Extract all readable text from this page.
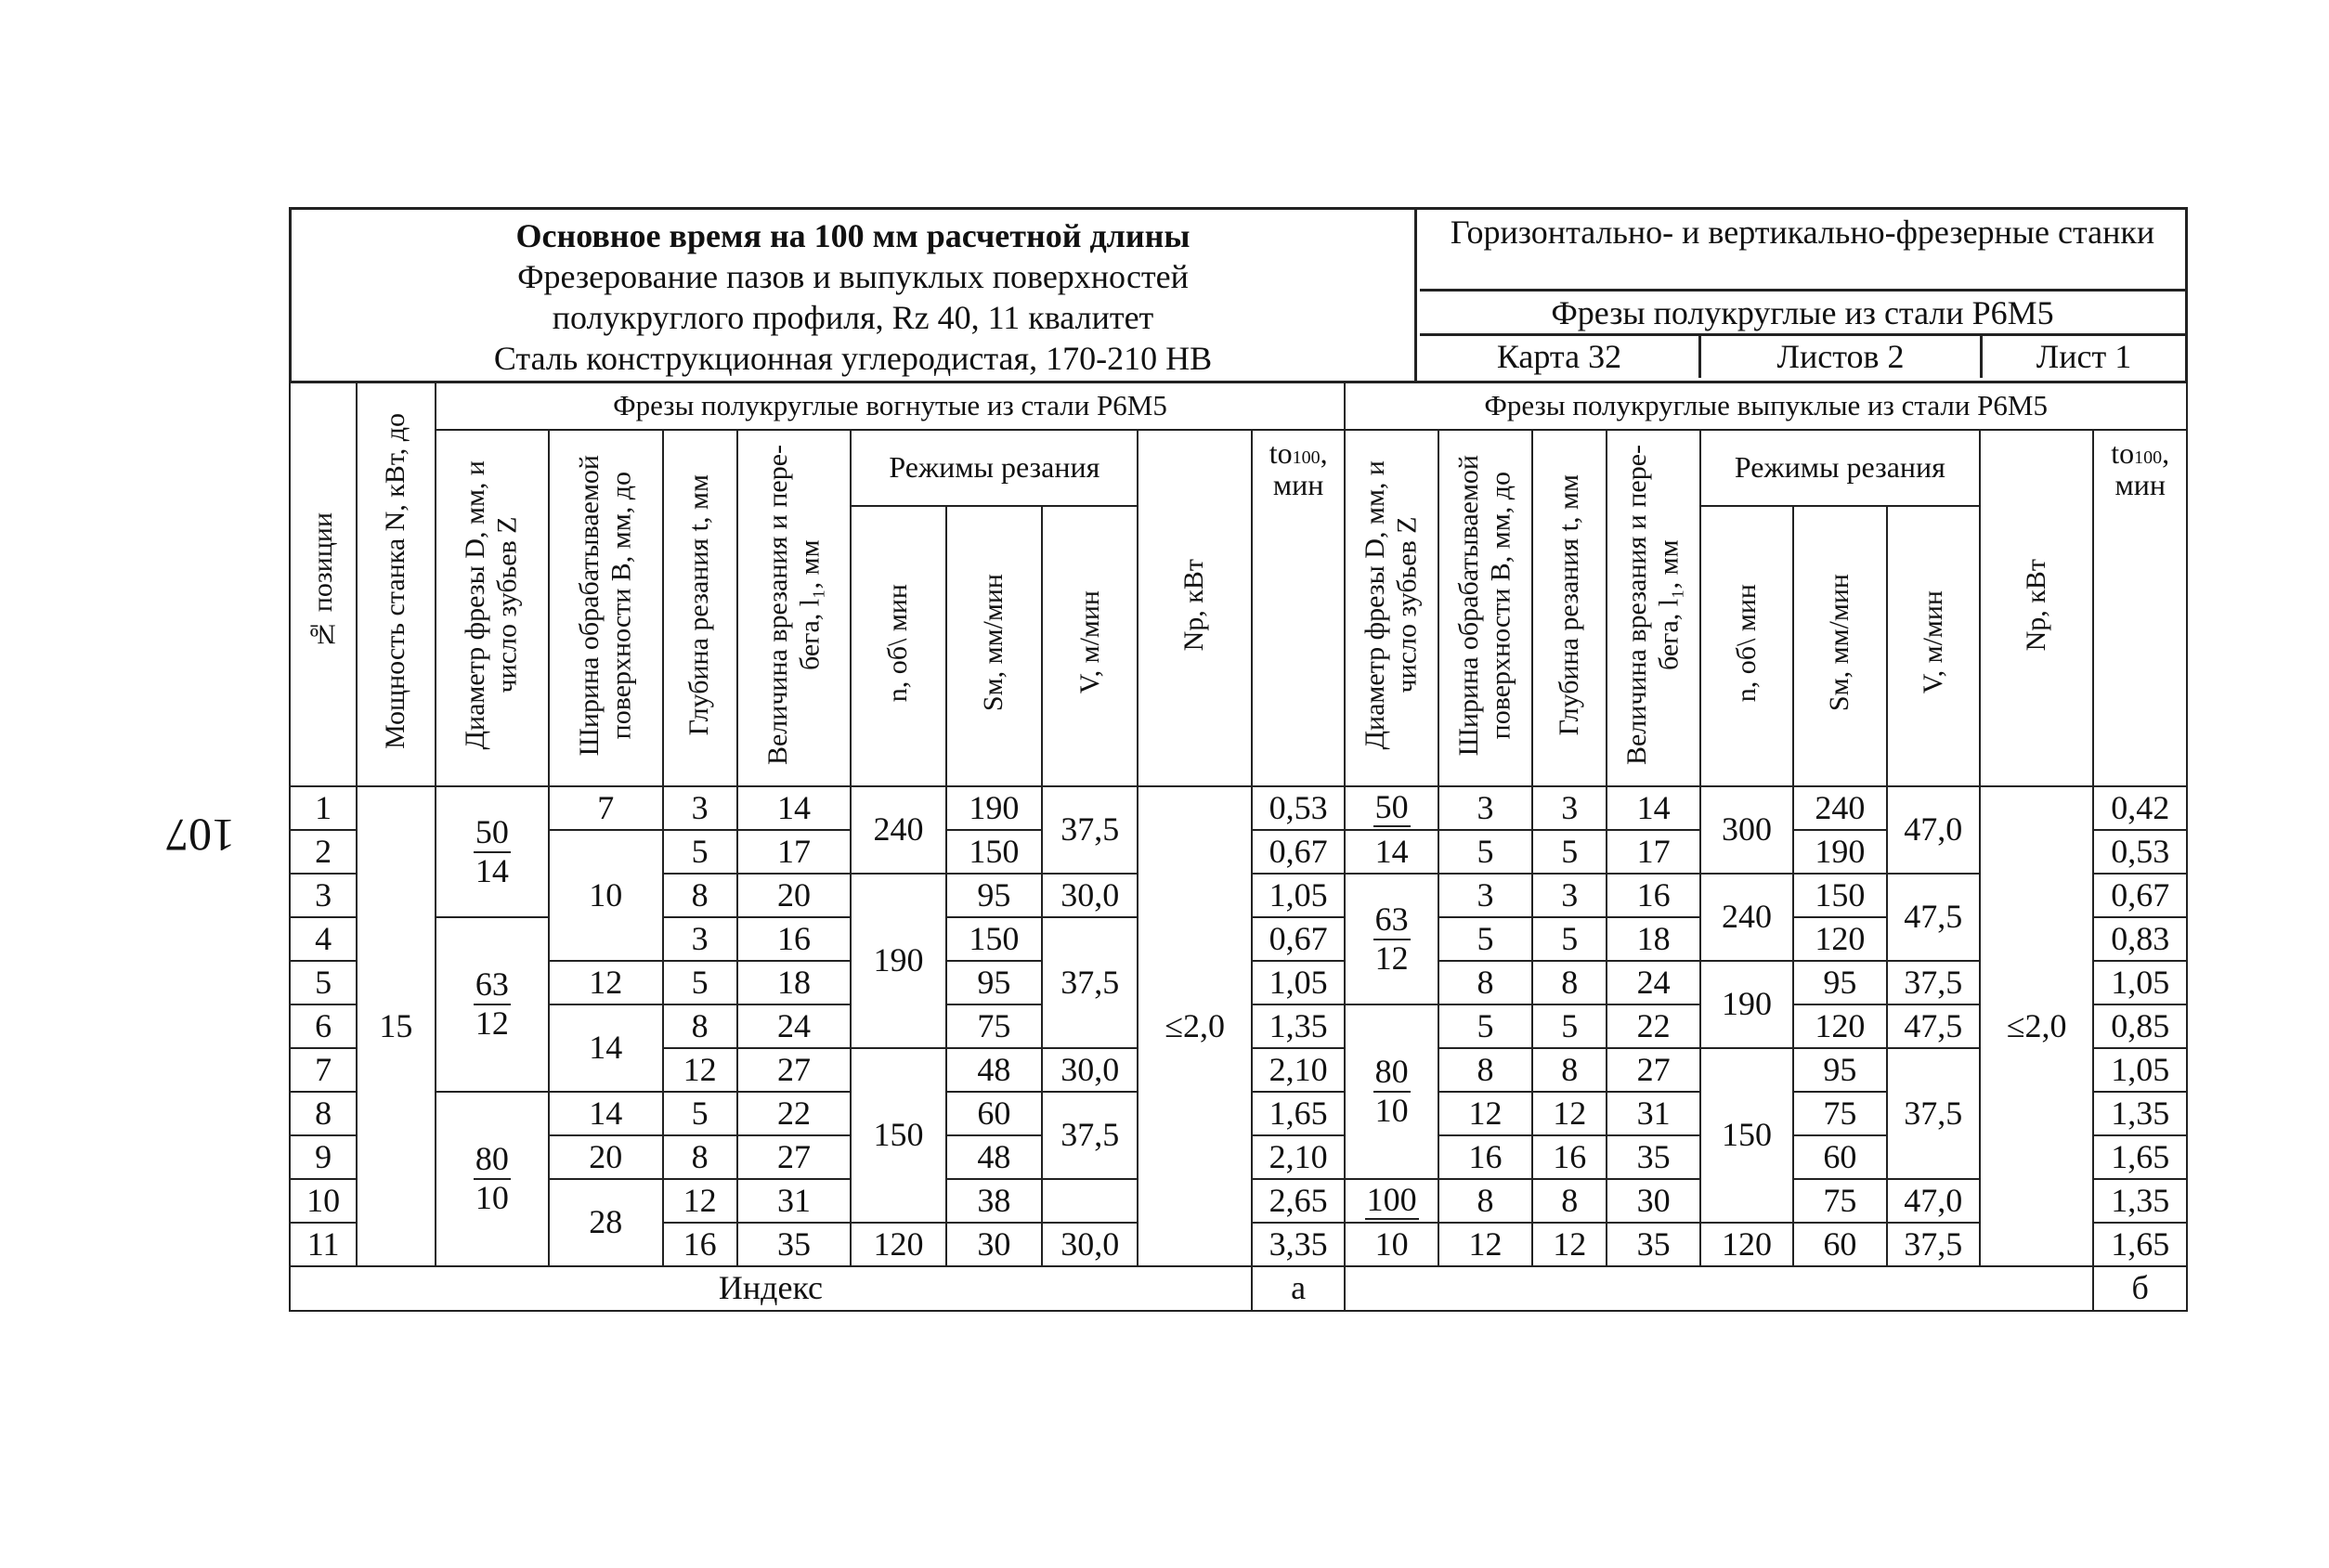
107
Основное время на 100 мм расчетной длины
Фрезерование пазов и выпуклых поверхностей
полукруглого профиля, Rz 40, 11 квалитет
Сталь конструкционная углеродистая, 170-210 HB
Горизонтально- и вертикально-фрезерные станки
Фрезы полукруглые из стали Р6М5
Карта 32	Листов 2	Лист 1
№ позиции	Мощность станка N, кВт, до	Фрезы полукруглые вогнутые из стали Р6М5									Фрезы полукруглые выпуклые из стали Р6М5								
		Диаметр фрезы D, мм, и
число зубьев Z	Ширина обрабатываемой
поверхности В, мм, до	Глубина резания t, мм	Величина врезания и пере-
бега, l₁, мм	Режимы резания			Np, кВт	to100, мин	Диаметр фрезы D, мм, и
число зубьев Z	Ширина обрабатываемой
поверхности В, мм, до	Глубина резания t, мм	Величина врезания и пере-
бега, l₁, мм	Режимы резания			Np, кВт	to100, мин
						n, об\ мин	Sм, мм/мин	V, м/мин							n, об\ мин	Sм, мм/мин	V, м/мин		
1	15	$\frac{50}{14}$	7	3	14	240	190	37,5	≤2,0	0,53	50	3	3	14	300	240	47,0	≤2,0	0,42
2			10	5	17		150			0,67	14	5	5	17		190			0,53
3				8	20	190	95	30,0		1,05	$\frac{63}{12}$	3	3	16	240	150	47,5		0,67
4		$\frac{63}{12}$		3	16		150	37,5		0,67		5	5	18		120			0,83
5			12	5	18		95			1,05		8	8	24	190	95	37,5		1,05
6			14	8	24		75			1,35	$\frac{80}{10}$	5	5	22		120	47,5		0,85
7				12	27	150	48	30,0		2,10		8	8	27	150	95	37,5		1,05
8		$\frac{80}{10}$	14	5	22		60	37,5		1,65		12	12	31		75			1,35
9			20	8	27		48			2,10		16	16	35		60			1,65
10			28	12	31		38			2,65	100	8	8	30		75	47,0		1,35
11				16	35	120	30	30,0		3,35	10	12	12	35	120	60	37,5		1,65
Индекс										а									б
